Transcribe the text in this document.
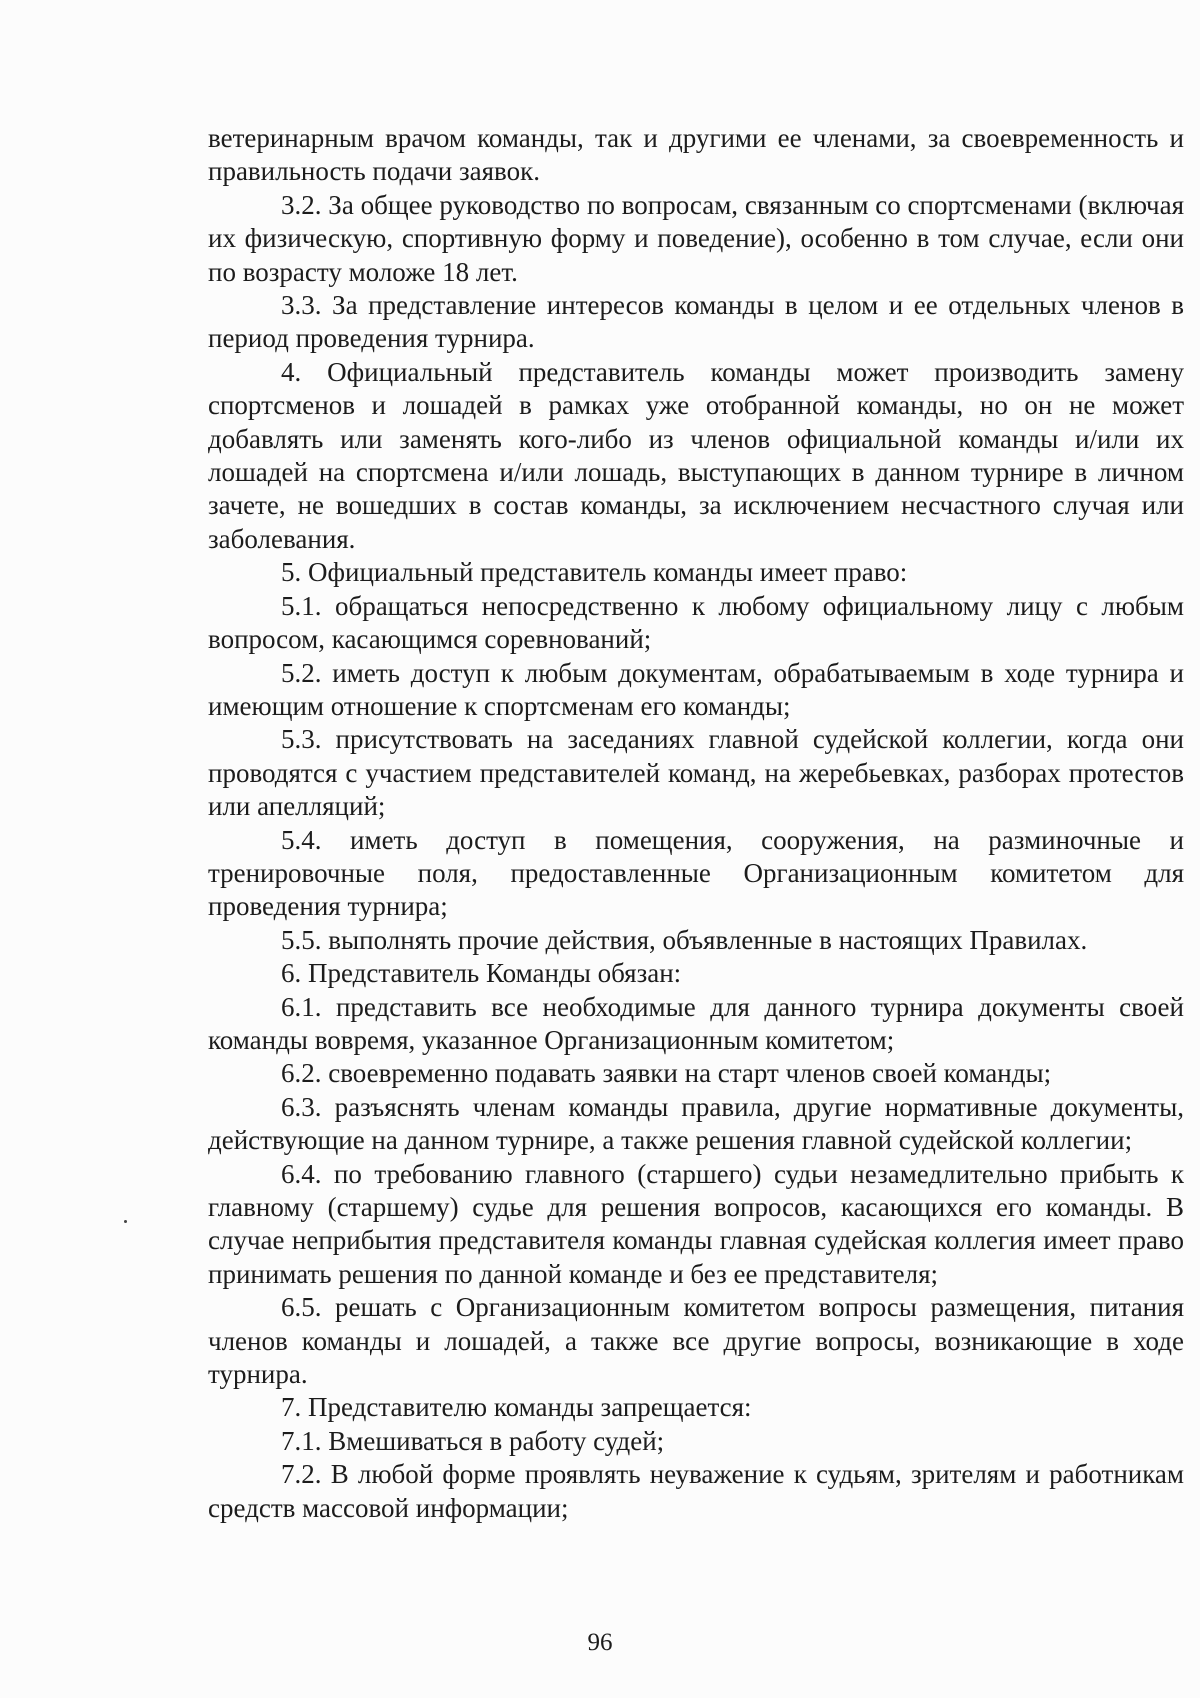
ветеринарным врачом команды, так и другими ее членами, за своевременность и правильность подачи заявок.

3.2. За общее руководство по вопросам, связанным со спортсменами (включая их физическую, спортивную форму и поведение), особенно в том случае, если они по возрасту моложе 18 лет.

3.3. За представление интересов команды в целом и ее отдельных членов в период проведения турнира.

4. Официальный представитель команды может производить замену спортсменов и лошадей в рамках уже отобранной команды, но он не может добавлять или заменять кого-либо из членов официальной команды и/или их лошадей на спортсмена и/или лошадь, выступающих в данном турнире в личном зачете, не вошедших в состав команды, за исключением несчастного случая или заболевания.

5. Официальный представитель команды имеет право:

5.1. обращаться непосредственно к любому официальному лицу с любым вопросом, касающимся соревнований;

5.2. иметь доступ к любым документам, обрабатываемым в ходе турнира и имеющим отношение к спортсменам его команды;

5.3. присутствовать на заседаниях главной судейской коллегии, когда они проводятся с участием представителей команд, на жеребьевках, разборах протестов или апелляций;

5.4. иметь доступ в помещения, сооружения, на разминочные и тренировочные поля, предоставленные Организационным комитетом для проведения турнира;

5.5. выполнять прочие действия, объявленные в настоящих Правилах.

6. Представитель Команды обязан:

6.1. представить все необходимые для данного турнира документы своей команды вовремя, указанное Организационным комитетом;

6.2. своевременно подавать заявки на старт членов своей команды;

6.3. разъяснять членам команды правила, другие нормативные документы, действующие на данном турнире, а также решения главной судейской коллегии;

6.4. по требованию главного (старшего) судьи незамедлительно прибыть к главному (старшему) судье для решения вопросов, касающихся его команды. В случае неприбытия представителя команды главная судейская коллегия имеет право принимать решения по данной команде и без ее представителя;

6.5. решать с Организационным комитетом вопросы размещения, питания членов команды и лошадей, а также все другие вопросы, возникающие в ходе турнира.

7. Представителю команды запрещается:

7.1. Вмешиваться в работу судей;

7.2. В любой форме проявлять неуважение к судьям, зрителям и работникам средств массовой информации;

96
